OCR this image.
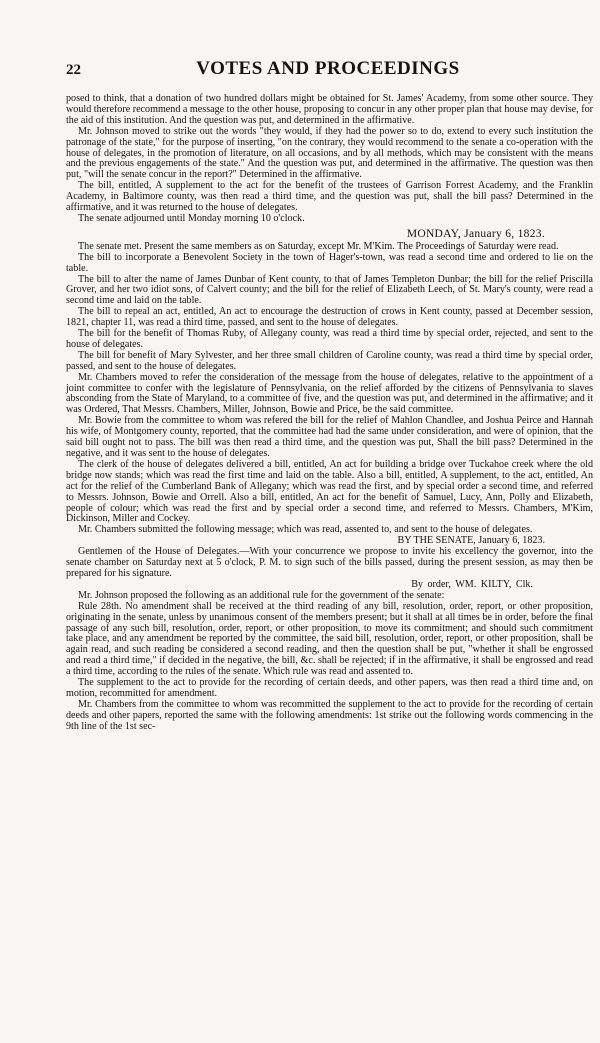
22	VOTES AND PROCEEDINGS

posed to think, that a donation of two hundred dollars might be obtained for St. James' Academy, from some other source. They would therefore recommend a message to the other house, proposing to concur in any other proper plan that house may devise, for the aid of this institution. And the question was put, and determined in the affirmative.

Mr. Johnson moved to strike out the words "they would, if they had the power so to do, extend to every such institution the patronage of the state," for the purpose of inserting, "on the contrary, they would recommend to the senate a co-operation with the house of delegates, in the promotion of literature, on all occasions, and by all methods, which may be consistent with the means and the previous engagements of the state." And the question was put, and determined in the affirmative. The question was then put, "will the senate concur in the report?" Determined in the affirmative.

The bill, entitled, A supplement to the act for the benefit of the trustees of Garrison Forrest Academy, and the Franklin Academy, in Baltimore county, was then read a third time, and the question was put, shall the bill pass? Determined in the affirmative, and it was returned to the house of delegates.

The senate adjourned until Monday morning 10 o'clock.

MONDAY, January 6, 1823.

The senate met. Present the same members as on Saturday, except Mr. M'Kim. The Proceedings of Saturday were read.

The bill to incorporate a Benevolent Society in the town of Hager's-town, was read a second time and ordered to lie on the table.

The bill to alter the name of James Dunbar of Kent county, to that of James Templeton Dunbar; the bill for the relief Priscilla Grover, and her two idiot sons, of Calvert county; and the bill for the relief of Elizabeth Leech, of St. Mary's county, were read a second time and laid on the table.

The bill to repeal an act, entitled, An act to encourage the destruction of crows in Kent county, passed at December session, 1821, chapter 11, was read a third time, passed, and sent to the house of delegates.

The bill for the benefit of Thomas Ruby, of Allegany county, was read a third time by special order, rejected, and sent to the house of delegates.

The bill for benefit of Mary Sylvester, and her three small children of Caroline county, was read a third time by special order, passed, and sent to the house of delegates.

Mr. Chambers moved to refer the consideration of the message from the house of delegates, relative to the appointment of a joint committee to confer with the legislature of Pennsylvania, on the relief afforded by the citizens of Pennsylvania to slaves absconding from the State of Maryland, to a committee of five, and the question was put, and determined in the affirmative; and it was Ordered, That Messrs. Chambers, Miller, Johnson, Bowie and Price, be the said committee.

Mr. Bowie from the committee to whom was refered the bill for the relief of Mahlon Chandlee, and Joshua Peirce and Hannah his wife, of Montgomery county, reported, that the committee had had the same under consideration, and were of opinion, that the said bill ought not to pass. The bill was then read a third time, and the question was put, Shall the bill pass? Determined in the negative, and it was sent to the house of delegates.

The clerk of the house of delegates delivered a bill, entitled, An act for building a bridge over Tuckahoe creek where the old bridge now stands; which was read the first time and laid on the table. Also a bill, entitled, A supplement, to the act, entitled, An act for the relief of the Cumberland Bank of Allegany; which was read the first, and by special order a second time, and referred to Messrs. Johnson, Bowie and Orrell. Also a bill, entitled, An act for the benefit of Samuel, Lucy, Ann, Polly and Elizabeth, people of colour; which was read the first and by special order a second time, and referred to Messrs. Chambers, M'Kim, Dickinson, Miller and Cockey.

Mr. Chambers submitted the following message; which was read, assented to, and sent to the house of delegates.

BY THE SENATE, January 6, 1823.

Gentlemen of the House of Delegates.—With your concurrence we propose to invite his excellency the governor, into the senate chamber on Saturday next at 5 o'clock, P. M. to sign such of the bills passed, during the present session, as may then be prepared for his signature.

By order, WM. KILTY, Clk.

Mr. Johnson proposed the following as an additional rule for the government of the senate:

Rule 28th. No amendment shall be received at the third reading of any bill, resolution, order, report, or other proposition, originating in the senate, unless by unanimous consent of the members present; but it shall at all times be in order, before the final passage of any such bill, resolution, order, report, or other proposition, to move its commitment; and should such commitment take place, and any amendment be reported by the committee, the said bill, resolution, order, report, or other proposition, shall be again read, and such reading be considered a second reading, and then the question shall be put, "whether it shall be engrossed and read a third time," if decided in the negative, the bill, &c. shall be rejected; if in the affirmative, it shall be engrossed and read a third time, according to the rules of the senate. Which rule was read and assented to.

The supplement to the act to provide for the recording of certain deeds, and other papers, was then read a third time and, on motion, recommitted for amendment.

Mr. Chambers from the committee to whom was recommitted the supplement to the act to provide for the recording of certain deeds and other papers, reported the same with the following amendments: 1st strike out the following words commencing in the 9th line of the 1st sec-
